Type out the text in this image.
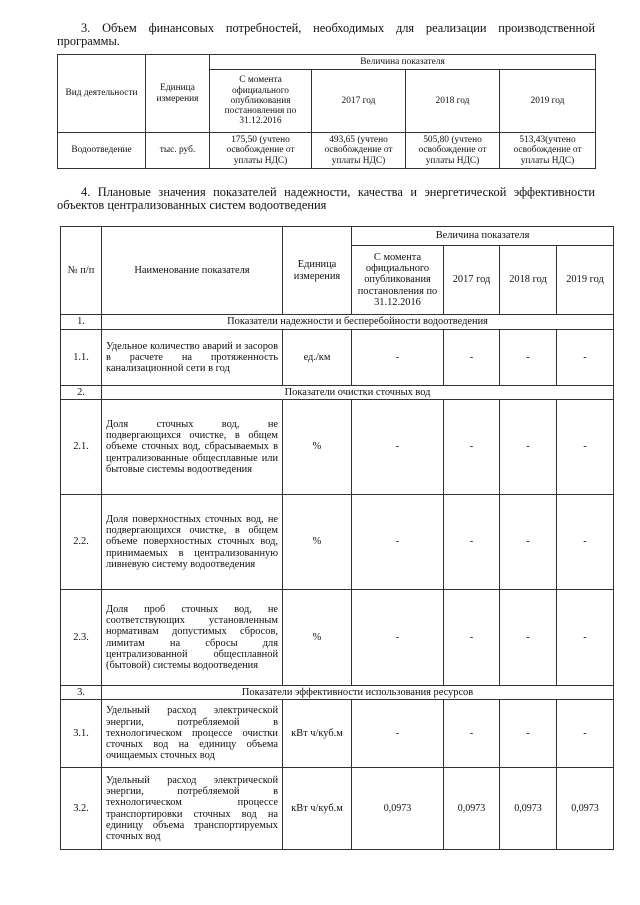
3. Объем финансовых потребностей, необходимых для реализации производственной программы.
Вид деятельности	Единица измерения	Величина показателя			
		С момента официального опубликования постановления по 31.12.2016	2017 год	2018 год	2019 год
Водоотведение	тыс. руб.	175,50 (учтено освобождение от уплаты НДС)	493,65 (учтено освобождение от уплаты НДС)	505,80 (учтено освобождение от уплаты НДС)	513,43(учтено освобождение от уплаты НДС)
4. Плановые значения показателей надежности, качества и энергетической эффективности объектов централизованных систем водоотведения
№ п/п	Наименование показателя	Единица измерения	Величина показателя			
			С момента официального опубликования постановления по 31.12.2016	2017 год	2018 год	2019 год
1.	Показатели надежности и бесперебойности водоотведения					
1.1.	Удельное количество аварий и засоров в расчете на протяженность канализационной сети в год	ед./км	-	-	-	-
2.	Показатели очистки сточных вод					
2.1.	Доля сточных вод, не подвергающихся очистке, в общем объеме сточных вод, сбрасываемых в централизованные общесплавные или бытовые системы водоотведения	%	-	-	-	-
2.2.	Доля поверхностных сточных вод, не подвергающихся очистке, в общем объеме поверхностных сточных вод, принимаемых в централизованную ливневую систему водоотведения	%	-	-	-	-
2.3.	Доля проб сточных вод, не соответствующих установленным нормативам допустимых сбросов, лимитам на сбросы для централизованной общесплавной (бытовой) системы водоотведения	%	-	-	-	-
3.	Показатели эффективности использования ресурсов					
3.1.	Удельный расход электрической энергии, потребляемой в технологическом процессе очистки сточных вод на единицу объема очищаемых сточных вод	кВт ч/куб.м	-	-	-	-
3.2.	Удельный расход электрической энергии, потребляемой в технологическом процессе транспортировки сточных вод на единицу объема транспортируемых сточных вод	кВт ч/куб.м	0,0973	0,0973	0,0973	0,0973
